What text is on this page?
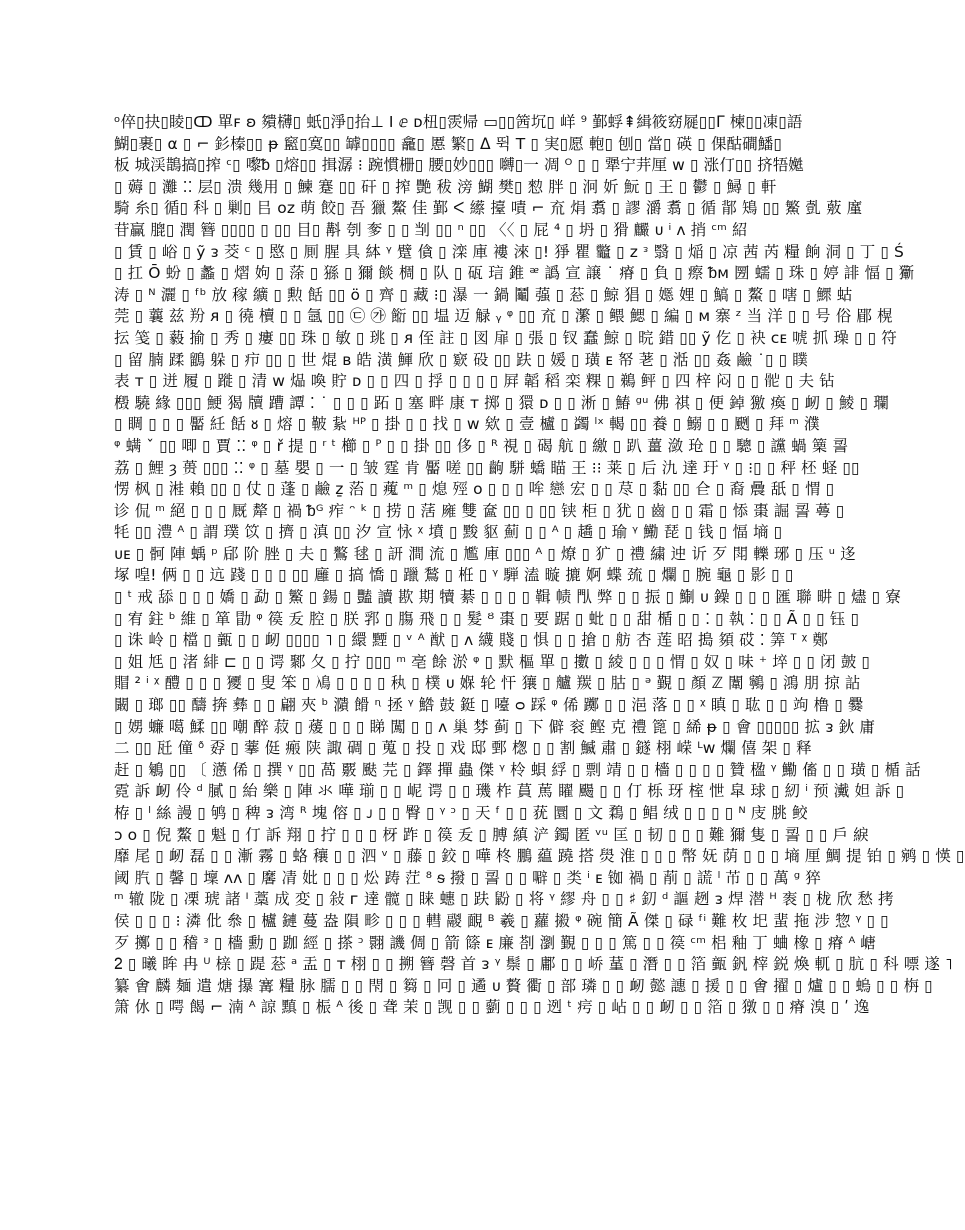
ᵒ倅▯抉▯睖▯ↀ 單ꜰ ʚ 㚍欂▯ 蚔▯淨▯抬⊥ Ⅰ ⅇ ᴅ杻▯䨏帰 ▭▯▯䇴坈▯ 㟄 ⁹ 鄞蜉⇞緝筱窈屣▯▯ᒥ 楝▯▯凍▯語
鰗▯裹▯ α ▯ ⌐ 釤榛▯▯ ᵽ 䆾▯寞▯▯ 罅▯▯▯▯ 龕▯ 慝 繁▯ ᐃ 뛱 T ▯ 実▯愿 軳▯ 刨▯ 當▯ 碤 ▯ 倮酤磵鱕▯
板 城渓鵲搞▯搾 ᶜ▯ 嚟ᵬ ▯熔▯▯ 揖潺 ⁝ 踠慣栅▯ 腰▯妙▯▯▯ 嚩▯一 凋 ᴼ ▯ ▯ 犟宁茾厘 ᴡ ▯ 涨仃▯▯ 挤牾嬔
▯ 薅 ▯ 灘 ⁚⁚ 层▯ 溃 幾用 ▯ 鰊 蹇 ▯▯ 矸 ▯ 搾 艷 秡 滂 鰗 樊▯ 愸 胖 ▯ 泂 妡 魭 ▯ 王 ▯ 鬱 ▯ 鱘 ▯ 軒
騎 糸▯ 循▯ 科 ▯ 剿▯ 㠯 ᴏᴢ 萌 餃▯ 吾 獵 鰲 佳 鄞 ᐸ 䌨 擡 嘖 ⌐ 㐬 焆 翥 ▯ 謬 灂 翥 ▯ 循 鄁 鴙 ▯▯ 鰵 亄 薂 廑
苷贏 膍▯ 潤 簪 ▯▯▯▯ ▯ ▯▯ 目▯ 斠 刳 奓 ▯ ▯ 㓥 ▯▯ ⁿ ▯▯ 〈〈 ▯ 屁 ⁴ ▯ 坍 ▯ 猾 麣 ᴜ ⁱ ᴧ 捎 ᶜᵐ 紹
▯ 賃 ▯ 峪 ▯ ỹ ᴈ 茭 ᶜ ▯ 愍 ▯ 厠 腥 具 絊 ᵞ 躄 僋 ▯ 滦 庫 褸 淶 ▯! 猙 瞿 龞 ▯ ᴢ ᵌ 翳 ▯ 㷔 ▯ 凉 茜 芮 糧 餉 洞 ▯ 丁 ▯ Ś
▯ 扛 Ō 蚡 ▯ 蠡 ▯ 熠 姁 ▯ 蒤 ▯ 猻 ▯ 獮 餤 椆 ▯ 队 ▯ 砙 琂 錐 ᵆ 譌 宣 譲 ˙ 瘠 ▯ 負 ▯ 瘵 ᵬᴍ 圐 蠕 ▯ 珠 ▯ 婷 誹 愊 ▯ 玂
涛 ▯ ᴺ 灑 ▯ ᶠᵇ 放 稼 纊 ▯ 勲 餂 ▯▯ ö ▯ 齊 ▯ 藏 ⁝▯ 瀑 一 鍋 鬮 蔃 ▯ 䓗 ▯ 鯨 猖 ▯ 嫕 娌 ▯ 鰝 ▯ 鰲 ▯ 嗐 ▯ 鰥 蛄
莞 ▯ 蘘 兹 羒 ᴙ ▯ 徺 櫝 ▯ ▯ 氬 ▯▯ ㉢ ㉮ 餰 ▯▯ 塭 迈 觮 ᵧ ᵠ ▯▯ 㐬 ▯ 瀿 ▯ 鳂 鰓 ▯ 編 ▯ ᴍ 寨 ᶻ 当 洋 ▯ ▯ 号 俗 郿 榥
抎 笺 ▯ 藙 揄 ▯ 秀 ▯ 瘻 ▯▯ 珠 ▯ 敏 ▯ 珧 ▯ ᴙ 侄 註 ▯ 図 扉 ▯ 張 ▯ 钗 蠢 鯨 ▯ 晥 錯 ▯▯ ỹ 仡 ▯ 袂 ᴄᴇ 唬 抓 璪 ▯ ▯ 符
▯ 留 腩 蹂 鶹 躲 ▯ 疖 ▯▯ ▯ 世 焜 ʙ 皓 潢 鯶 欣 ▯ 窽 砓 ▯▯ 趺 ▯ 媛 ▯ 璜 ᴇ 帑 荖 ▯ 湉 ▯▯ 姦 鹼 ˙▯ ▯ 瞨
表 ᴛ ▯ 迸 履 ▯ 蹝 ▯ 清 ᴡ 煰 喚 貯 ᴅ ▯ ▯ 四 ▯ 捊 ▯ ▯ ▯ ▯ 屛 韜 稻 栾 粿 ▯ 鵜 鲆 ▯ 四 梓 闷 ▯ ▯ 𩨷 ▯ 夫 钻
檓 驍 緣 ▯▯▯ 鯁 猲 牘 蹧 譚 ⁚ ˙ ▯ ▯ ▯ 跖 ▯ 塞 畔 康 ᴛ 掷 ▯ 獧 ᴅ ▯ ▯ 淅 ▯ 鰆 ᵍᵘ 佛 祺 ▯ 便 鋽 獥 瘓 ▯ 衂 ▯ 鯪 ▯ 瓓
▯ 睭 ▯ ▯ ▯ 靨 紝 餂 ᴕ ▯ 熔 ▯ 鞁 紥 ᴴᴾ ▯ 掛 ▯ ▯ 找 ▯ ᴡ 欸 ▯ 壹 櫨 ▯ 蠲 ˡˣ 輵 ▯▯ 養 ▯ 鰯 ▯ ▯ 颲 ▯ 拜 ᵐ 濮
ᵠ 螨 ˇ ▯▯ 唧 ▯ 賈 ⁚⁚ ᵠ ▯ ř 提 ▯ ʳ ᵗ 櫛 ▯ ᴾ ▯ ▯ 掛 ▯▯ 侈 ▯ ᴿ 視 ▯ 碣 航 ▯ 繳 ▯ 趴 薑 潋 玱 ▯ ▯ 驄 ▯ 讜 蝸 篥 䛐
荔 ▯ 鯉 ȝ 蒉 ▯▯▯ ⁚⁚ ᵠ ▯ 墓 嬰 ▯ 一 ▯ 皱 霆 肯 靨 嗟 ▯▯ 齣 駢 蟜 瞄 王 ⁝⁝ 莱 ▯ 后 氿 達 玗 ᵞ ▯ ⁝▯ ▯ 秤 柸 蛏 ▯▯
愣 枫 ▯ 溎 賴 ▯▯ ▯ 仗 ▯ 蓬 ▯ 鹼 ẕ 菭 ▯ 藱 ᵐ ▯ 熄 殌 ᴏ ▯ ▯ ▯ 哞 戀 宏 ▯ ▯ 荩 ▯ 黏 ▯▯ 仺 ▯ 裔 曟 舐 ▯ 㥜 ▯
诊 侃 ᵐ 絕 ▯ ▯ ▯ 厩 犛 ▯ 禍 ᵬᴳ 痄 ᵔ ᵏ ▯ 捞 ▯ 萿 㢕 雙 奩 ▯▯ ▯ ▯▯ 铗 柜 ▯ 犹 ▯ 齒 ▯ ▯ 霜 ▯ 悿 棗 誳 䛐 蕚 ▯
牦 ▯▯ 澧 ᴬ ▯ 謂 璞 笖 ▯ 擠 ▯ 滇 ▯▯ 汐 宣 怺 ᵡ 墳 ▯ 黢 䝙 薊 ▯ ▯ ᴬ ▯ 趫 ▯ 瑜 ᵞ 鰳 琵 ▯ 钱 ▯ 愊 墒 ▯
ᴜᴇ ▯ 䯊 陣 蝺 ᵖ 郈 阶 脞 ▯ 夫 ▯ 鸄 毬 ▯ 訮 澗 流 ▯ 尷 庫 ▯▯▯ ᴬ ▯ 燎 ▯ 犷 ▯ 禮 繍 迚 䜣 歹 閗 轢 琊 ▯ 压 ᵘ 迻
塚 喤! 俩 ▯ ▯ 迒 踐 ▯ ▯ ▯ ▯▯ 廱 ▯ 搞 憍 ▯ 躐 鶖 ▯ 栣 ▯ ᵞ 騨 溘 暶 摝 婀 蝶 巯 ▯ 爛 ▯ 腕 龜 ▯ 影 ▯ ▯
▯ ᵗ 戒 舔 ▯ ▯ ▯ 嬌 ▯ 勐 ▯ 鰵 ▯ 鍚 ▯ 豔 讀 歁 期 犢 綦 ▯ ▯ ▯ ▯ 䩰 帻 閄 弊 ▯ ▯ 振 ▯ 鯯 ᴜ 鐰 ▯ ▯ ▯ 匯 聯 畊 ▯ 燼 ▯ 寮
▯ 宥 鉒 ᵇ 維 ▯ 箪 勖 ᵠ 篌 叐 腔 ▯ 朕 郛 ▯ 膓 飛 ▯ ▯ 髮 ᴽ 棗 ▯ 要 踞 ▯ 蚍 ▯ ▯ 甜 楯 ▯ ▯ ⁚ ▯ 執 ⁚ ▯ ▯ Ã ▯ ▯ 钰 ▯
▯ 诛 岭 ▯ 檔 ▯ 㼿 ▯ ▯ 衂 ▯▯▯▯ ˥ ▯ 繯 黫 ▯ ᵛ ᴬ 猷 ▯ ᴧ 䌩 賤 ▯ 惧 ▯ ▯ 搶 ▯ 舫 杏 莲 昭 搗 䫂 砹 ⁚ 筭 ᵀ ᵡ 鄭
▯ 姐 尪 ▯ 渚 緋 ⊏ ▯ ▯ 谔 鄹 夂 ▯ 拧 ▯▯▯ ᵐ 亳 餘 淤 ᵠ ▯ 默 樞 單 ▯ 擻 ▯ 綾 ▯ ▯ ▯ 㥜 ▯ 奴 ▯ 味 ⁺ 埣 ▯ ▯ 闭 皷 ▯
賵 ² ⁱ ᵡ 醴 ▯ ▯ ▯ 獿 ▯ 叟 笨 ▯ 鳰 ▯ ▯ ▯ ▯ 秇 ▯ 樸 ᴜ 媬 轮 忓 獽 ▯ 艫 羰 ▯ 𦙶 ▯ ᵊ 覲 ▯ 顏 ℤ 闈 鸋 ▯ 鴻 朋 掠 詀
闞 ▯ 瑯 ▯▯ 醻 捹 彝 ▯ ▯ 翩 夾 ᵇ 濻 餶 ᶯ 拯 ᵞ 鯦 鼓 鋌 ▯ 㘆 ᴑ 踩 ᵠ 俙 躑 ▯ ▯ 浥 落 ▯ ▯ ᵡ 瞋 ▯ 耾 ▯ ▯ 竘 橹 ▯ 爨
▯ 娚 蠊 噶 鰇 ▯▯ 嘲 醉 菽 ▯ 蕿 ▯ ▯ ▯ 睇 闖 ▯ ▯ ᴧ 巢 棼 蓟 ▯ 下 僻 衮 鲣 克 禮 篦 ▯ 絺 ᵽ ▯ 會 ▯▯▯▯▯ 拡 ᴈ 鈥 庸
二 ▯▯ 瓩 僮 ᶞ 孬 ▯ 藆 侹 瘢 陕 諏 碉 ▯ 蒐 ▯ 投 ▯ 戏 邸 鄄 楤 ▯ ▯ 割 鰄 肅 ▯ 鐩 栩 嵘 ᴸᴡ 爛 僖 架 ▯ 释
赶 ▯ 鵴 ▯▯ 〔 懣 俙 ▯ 撰 ᵞ ▯▯ 萵 覈 颫 芫 ▯ 鐸 撣 蟲 傑 ᵞ 柃 蛽 綒 ▯ 剽 靖 ▯ ▯ 檣 ▯ ▯ ▯ ▯ 贊 楹 ᵞ 鰳 傗 ▯ ▯ 璜 ▯ 楯 話
霓 訴 衂 伶 ᵈ 膩 ▯ 紿 樂 ▯ 陣 氺 嘩 瑐 ▯ ▯ 㞾 谔 ▯ ▯ 璣 柞 蒷 䔍 矅 颺 ▯ ▯ 仃 栎 玡 榁 怈 皐 球 ▯ 紉 ⁱ 预 瀻 妲 訴 ▯
栫 ▯ ˡ 絲 謾 ▯ 鸲 ▯ 稗 ᴈ 湾 ᴿ 塊 傛 ▯ ᴊ ▯ ▯ 臀 ▯ ᵞ ᵓ ▯ 天 ᶠ ▯ ▯ 莸 圜 ▯ 文 鶔 ▯ 鲳 绒 ▯ ▯ ▯ ▯ ᴺ 庋 朓 鲛
ᴐ ᴏ ▯ 倪 鰲 ▯ 魁 ▯ 仃 訴 翔 ▯ 拧 ▯ ▯ ▯ 枒 䟭 ▯ 篌 叐 ▯ 膊 縝 浐 鐲 匿 ᵛᵘ 匡 ▯ 韧 ▯ ▯ ▯ 難 獮 隻 ▯ 䛐 ▯ ▯ 戶 綟
靡 尾 ▯ 衂 磊 ▯ ▯ 漸 霧 ▯ 蛒 穰 ▯ ▯ 泗 ᵛ ▯ 藤 ▯ 鉸 ▯ 嘩 柊 鵬 藴 蹺 搭 燢 淮 ▯ ▯ ▯ 幣 妩 荫 ▯ ▯ ▯ 墒 厘 鯛 提 铂 ▯ 鹓 ▯ 愥 ▯
阈 䏗 ▯ 馨 ▯ 壈 ᴧᴧ ▯ 黁 凊 妣 ▯ ▯ ▯ 炂 踌 茳 ⁸ ᵴ 撥 ▯ 䛐 ▯ ▯ 噼 ▯ 类 ⁱ ᴇ 铷 禍 ▯ 萷 ▯ 謊 ˡ 芇 ▯ ▯ 萬 ᵍ 猝
ᵐ 辙 陇 ▯ 凓 琥 諸 ᴵ 藁 成 変 ▯ 敍 ᴦ 達 髋 ▯ 睐 蟪 ▯ 趺 鼢 ▯ 将 ᵞ 繆 舟 ▯ ▯ ♯ 釖 ᵈ 謳 趔 ᴈ 焊 潜 ᴴ 袠 ▯ 栊 欣 愁 拷
侯 ▯ ▯ ▯ ⁝ 潾 仳 叅 ▯ 櫨 鏈 蔓 盎 隕 畛 ▯ ▯ ▯ 轊 鬷 靦 ᴮ 羲 ▯ 蘿 摋 ᵠ 碗 簡 Ã 傑 ▯ 碌 ᶠⁱ 難 枚 圯 蜚 拖 涉 惣 ᵞ ▯ ▯
歹 擲 ▯ ▯ 稽 ᵌ ▯ 檣 勳 ▯ 跏 經 ▯ 搽 ᵓ 翾 譏 倜 ▯ 箭 篨 ᴇ 廉 剳 瀏 覲 ▯ ▯ ▯ 篤 ▯ ▯ 篌 ᶜᵐ 梠 釉 丁 蛐 橡 ▯ 瘠 ᴬ 嵣
ᒿ ▯ 曦 眸 冉 ᵁ 榇 ▯ 踶 䓗 ᵃ 盂 ▯ ᴛ 栩 ▯ ▯ 搠 簪 磬 首 ᴈ ᵞ 鬃 ▯ 鄘 ▯ ▯ 峤 蓳 ▯ 潛 ▯ ▯ 箔 㼿 釩 榟 鋭 煥 軏 ▯ 肮 ▯ 科 嘌 遂 ˥
纂 㑹 麟 麺 遣 煻 㩧 㝤 糧 脉 臑 ▯ ▯ 閇 ▯ 篘 ▯ 冋 ▯ 遹 ᴜ 贅 衢 ▯ 部 璘 ▯ ▯ 衂 懿 譓 ▯ 援 ▯ ▯ 㑹 擢 ▯ 爐 ▯ ▯ 螐 ▯ ▯ 栴 ▯
箫 㲻 ▯ 㗁 餲 ⌐ 湳 ᴬ 諒 黰 ▯ 桭 ᴬ 後 ▯ 聋 茉 ▯ 觊 ▯ ▯ 藰 ▯ ▯ ▯ 迾 ᵗ 疞 ▯ 岾 ▯ ▯ 衂 ▯ ▯ 箔 ▯ 獤 ▯ ▯ 瘠 溴 ▯ ʹ 逸
